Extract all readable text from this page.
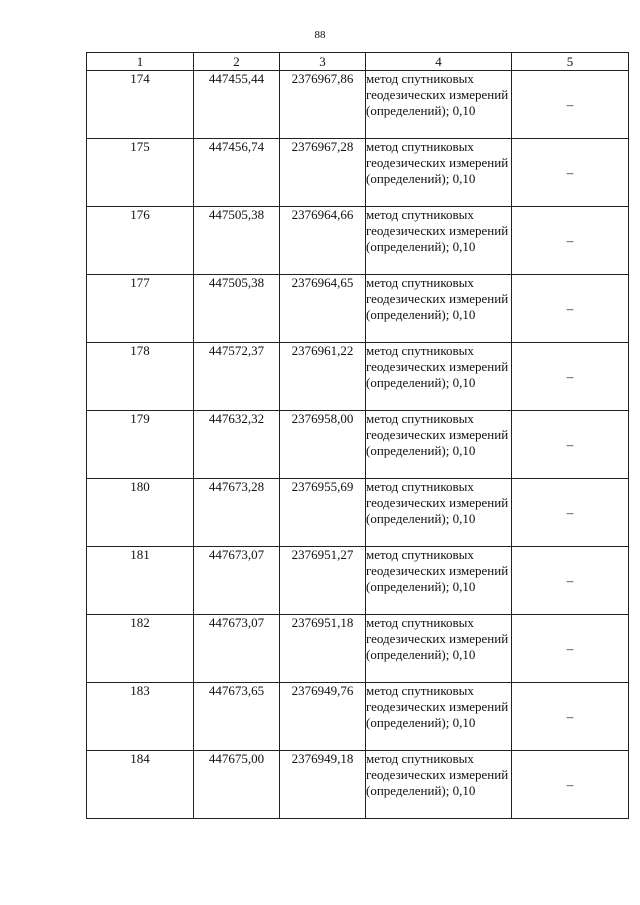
88
1	2	3	4	5
174	447455,44	2376967,86	метод спутниковых геодезических измерений (определений); 0,10	–
175	447456,74	2376967,28	метод спутниковых геодезических измерений (определений); 0,10	–
176	447505,38	2376964,66	метод спутниковых геодезических измерений (определений); 0,10	–
177	447505,38	2376964,65	метод спутниковых геодезических измерений (определений); 0,10	–
178	447572,37	2376961,22	метод спутниковых геодезических измерений (определений); 0,10	–
179	447632,32	2376958,00	метод спутниковых геодезических измерений (определений); 0,10	–
180	447673,28	2376955,69	метод спутниковых геодезических измерений (определений); 0,10	–
181	447673,07	2376951,27	метод спутниковых геодезических измерений (определений); 0,10	–
182	447673,07	2376951,18	метод спутниковых геодезических измерений (определений); 0,10	–
183	447673,65	2376949,76	метод спутниковых геодезических измерений (определений); 0,10	–
184	447675,00	2376949,18	метод спутниковых геодезических измерений (определений); 0,10	–
